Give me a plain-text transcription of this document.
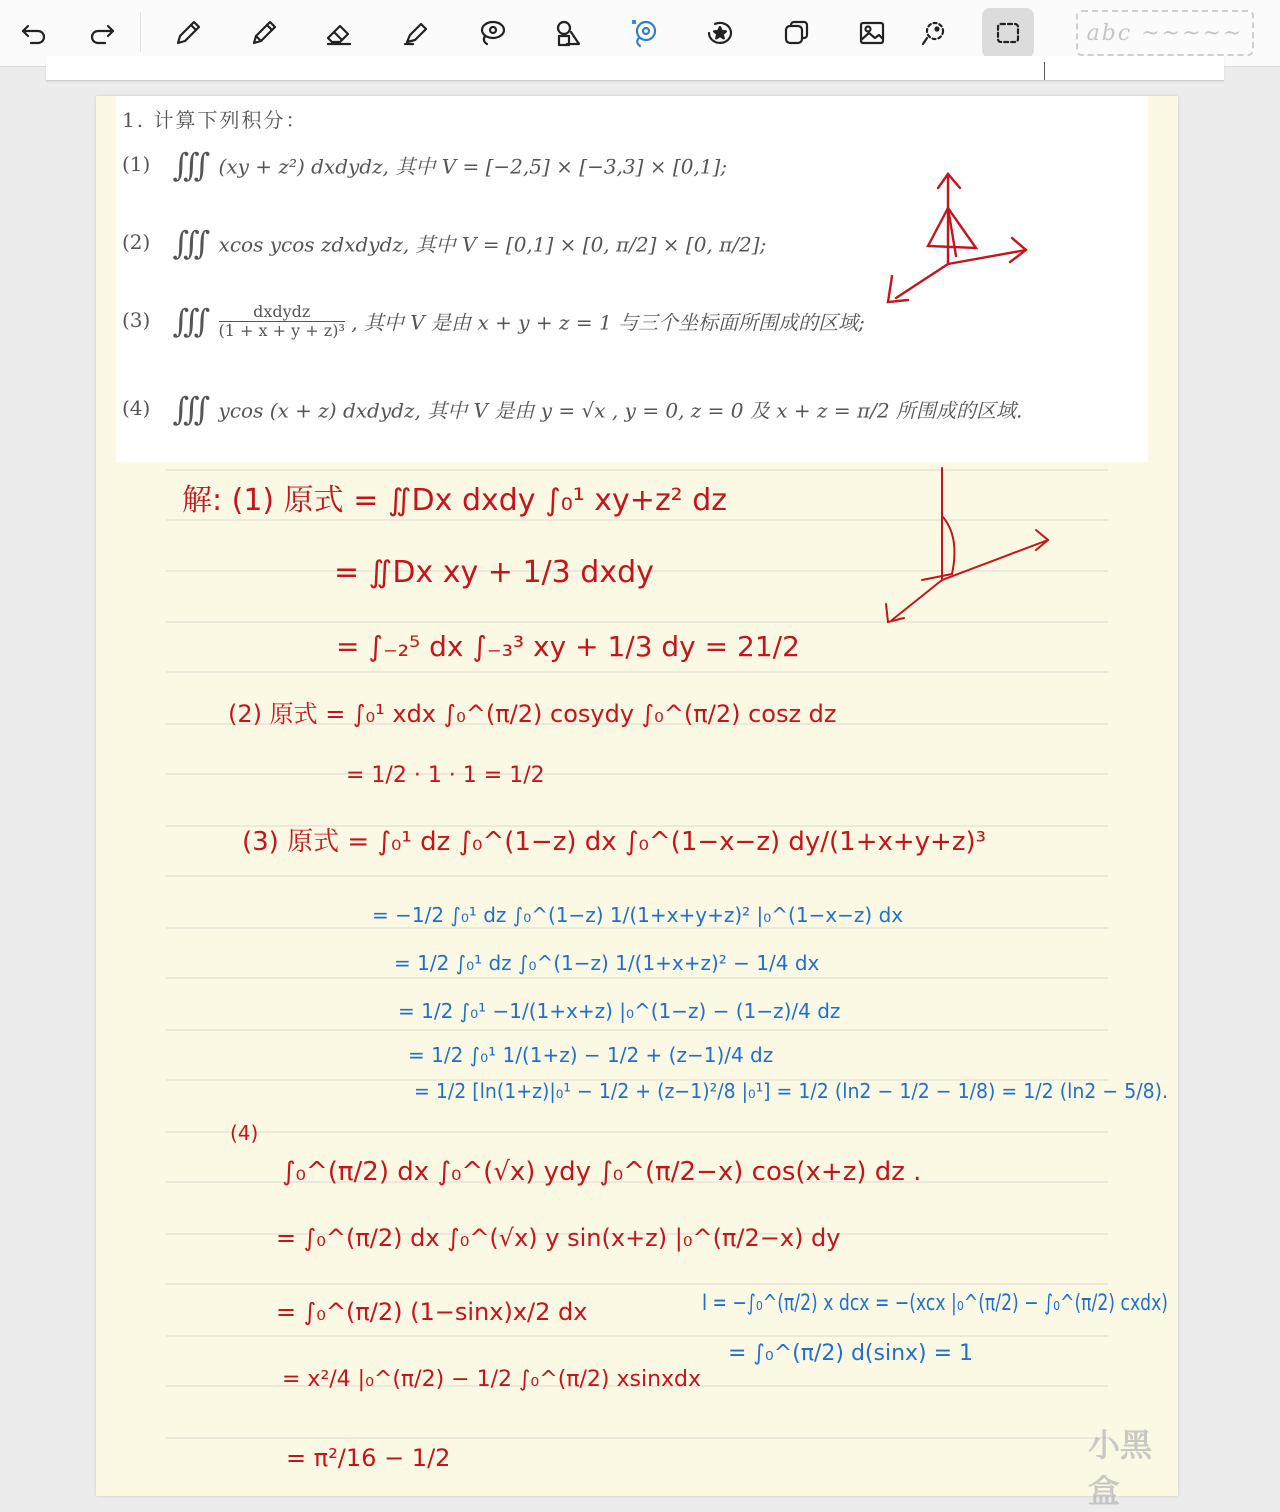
abc ~~~~~
1. 计算下列积分：
(1) ∭ (xy + z²) dxdydz, 其中 V = [−2,5] × [−3,3] × [0,1];
(2) ∭ xcos ycos zdxdydz, 其中 V = [0,1] × [0, π/2] × [0, π/2];
(3) ∭ $\frac{\text{dxdydz}}{\text{(1 + x + y + z)³}}$ , 其中 V 是由 x + y + z = 1 与三个坐标面所围成的区域;
(4) ∭ ycos (x + z) dxdydz, 其中 V 是由 y = √x , y = 0, z = 0 及 x + z = π/2 所围成的区域.
解: (1) 原式 = ∬Dx dxdy ∫₀¹ xy+z² dz
= ∬Dx xy + 1/3 dxdy
= ∫₋₂⁵ dx ∫₋₃³ xy + 1/3 dy = 21/2
(2) 原式 = ∫₀¹ xdx ∫₀^(π/2) cosydy ∫₀^(π/2) cosz dz
= 1/2 · 1 · 1 = 1/2
(3) 原式 = ∫₀¹ dz ∫₀^(1−z) dx ∫₀^(1−x−z) dy/(1+x+y+z)³
(4)
∫₀^(π/2) dx ∫₀^(√x) ydy ∫₀^(π/2−x) cos(x+z) dz .
= ∫₀^(π/2) dx ∫₀^(√x) y sin(x+z) |₀^(π/2−x) dy
= ∫₀^(π/2) (1−sinx)x/2 dx
= x²/4 |₀^(π/2) − 1/2 ∫₀^(π/2) xsinxdx
= π²/16 − 1/2
= −1/2 ∫₀¹ dz ∫₀^(1−z) 1/(1+x+y+z)² |₀^(1−x−z) dx
= 1/2 ∫₀¹ dz ∫₀^(1−z) 1/(1+x+z)² − 1/4 dx
= 1/2 ∫₀¹ −1/(1+x+z) |₀^(1−z) − (1−z)/4 dz
= 1/2 ∫₀¹ 1/(1+z) − 1/2 + (z−1)/4 dz
= 1/2 [ln(1+z)|₀¹ − 1/2 + (z−1)²/8 |₀¹] = 1/2 (ln2 − 1/2 − 1/8) = 1/2 (ln2 − 5/8).
I = −∫₀^(π/2) x dcx = −(xcx |₀^(π/2) − ∫₀^(π/2) cxdx)
= ∫₀^(π/2) d(sinx) = 1
小黑盒
